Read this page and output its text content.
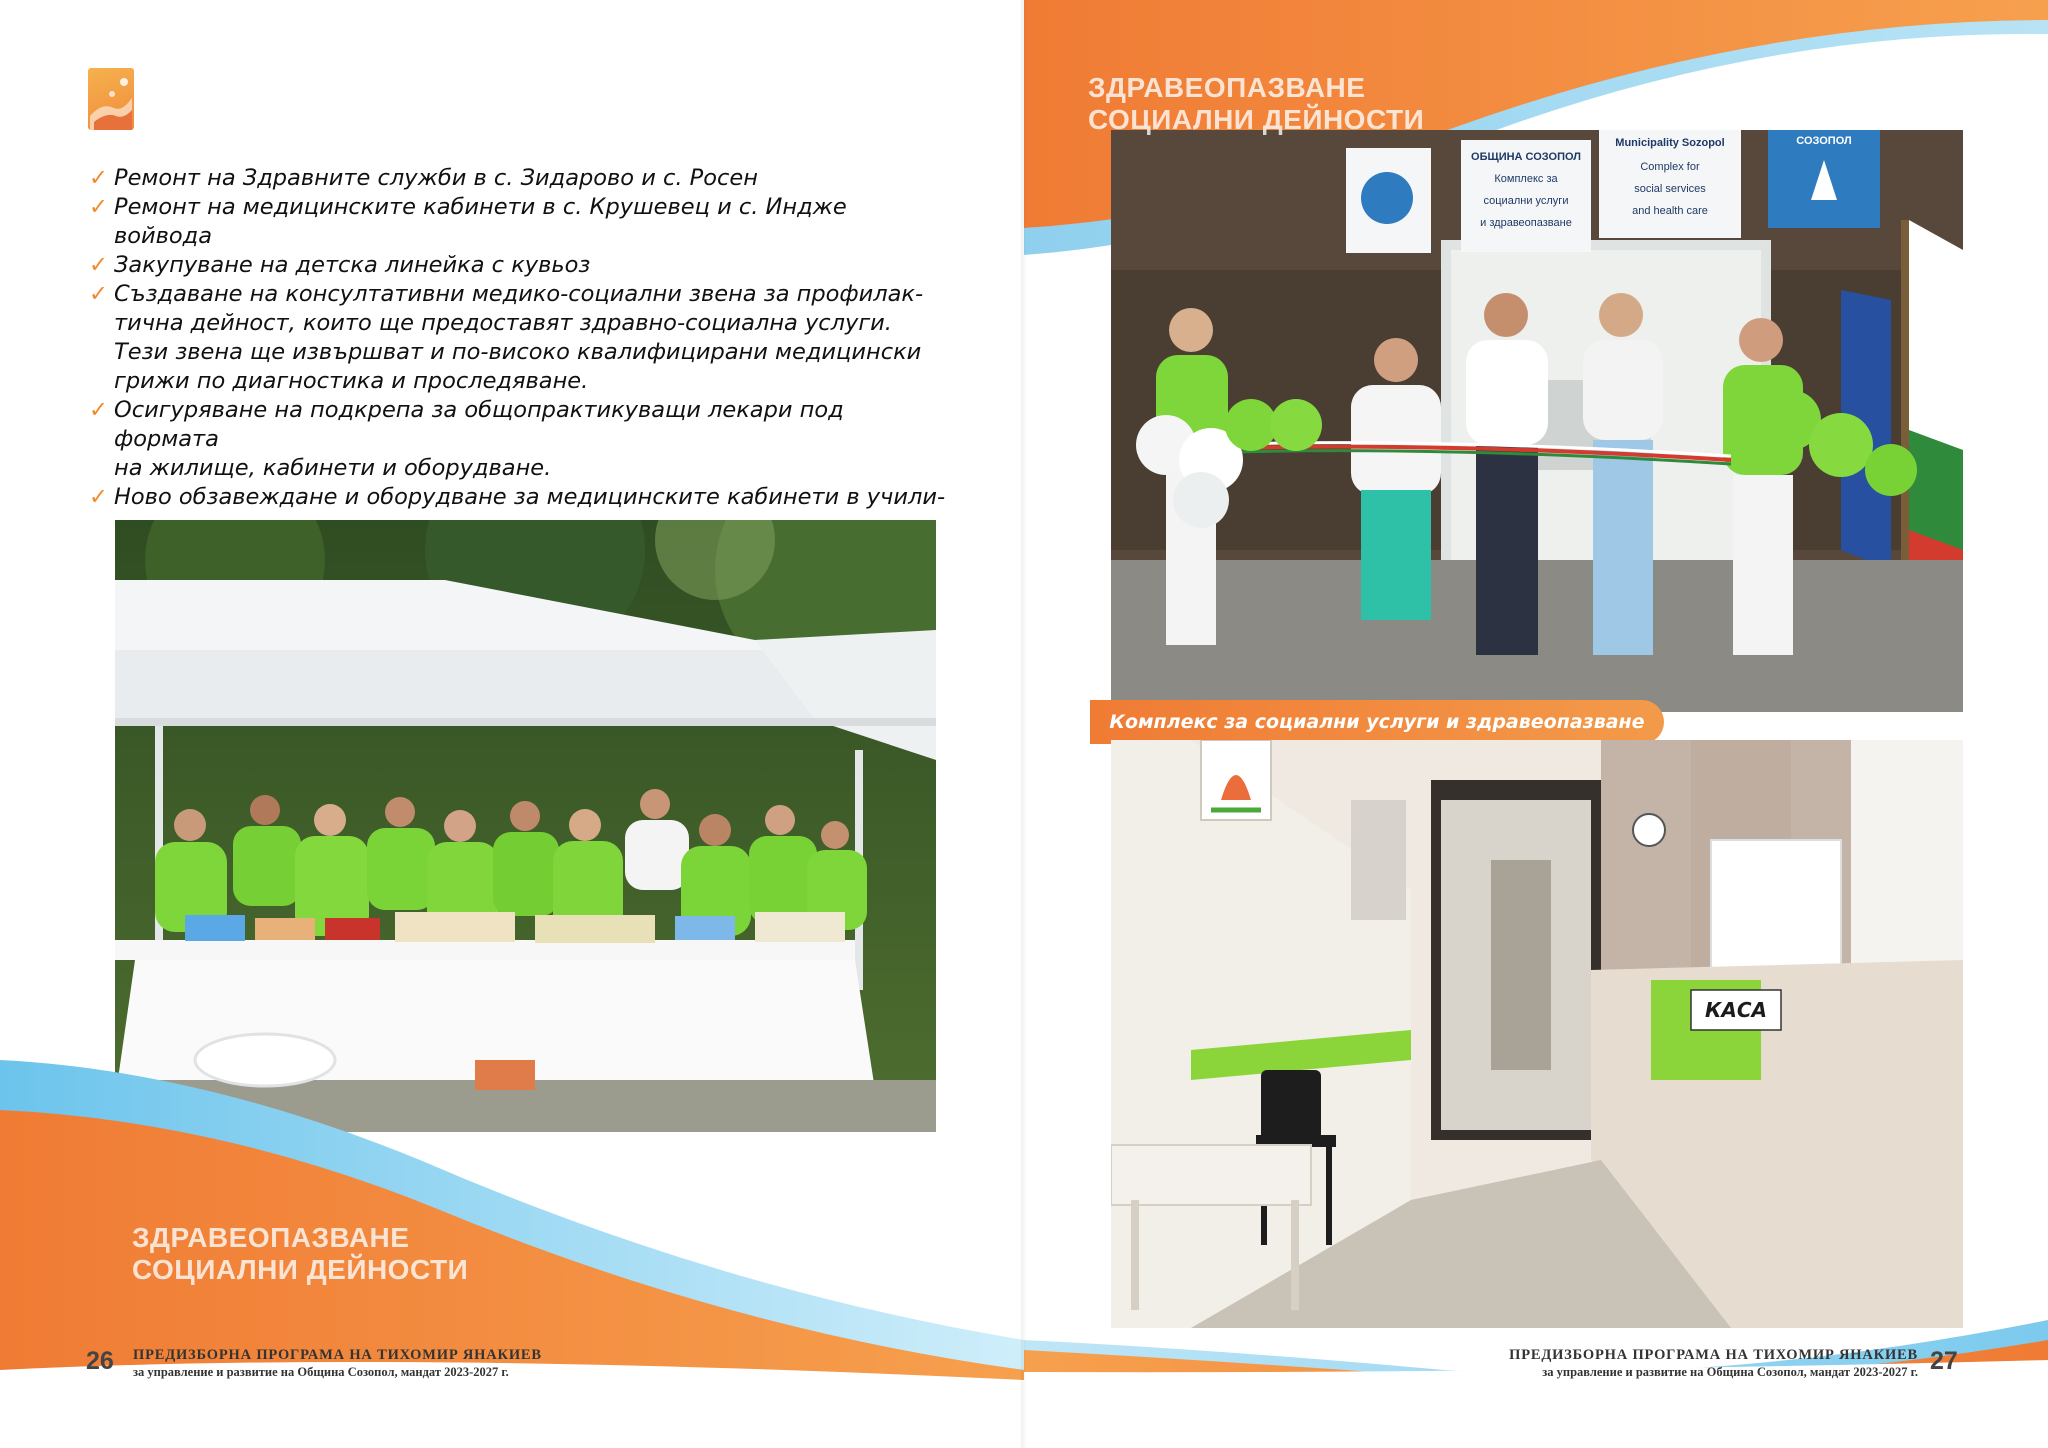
✓ Ремонт на Здравните служби в с. Зидарово и с. Росен
✓ Ремонт на медицинските кабинети в с. Крушевец и с. Индже войвода
✓ Закупуване на детска линейка с кувьоз
✓ Създаване на консултативни медико-социални звена за профилак-
тична дейност, които ще предоставят здравно-социална услуги.
Тези звена ще извършват и по-високо квалифицирани медицински
грижи по диагностика и проследяване.
✓ Осигуряване на подкрепа за общопрактикуващи лекари под формата
на жилище, кабинети и оборудване.
✓ Ново обзавеждане и оборудване за медицинските кабинети в учили-

ЗДРАВЕОПАЗВАНЕ
СОЦИАЛНИ ДЕЙНОСТИ
26 ПРЕДИЗБОРНА ПРОГРАМА НА ТИХОМИР ЯНАКИЕВ
за управление и развитие на Община Созопол, мандат 2023-2027 г.
ОБЩИНА СОЗОПОЛ
Комплекс за
социални услуги
и здравеопазване
Municipality Sozopol
Complex for
social services
and health care
СОЗОПОЛ
Комплекс за социални услуги и здравеопазване
КАСА
ЗДРАВЕОПАЗВАНЕ
СОЦИАЛНИ ДЕЙНОСТИ
ПРЕДИЗБОРНА ПРОГРАМА НА ТИХОМИР ЯНАКИЕВ
за управление и развитие на Община Созопол, мандат 2023-2027 г. 27
